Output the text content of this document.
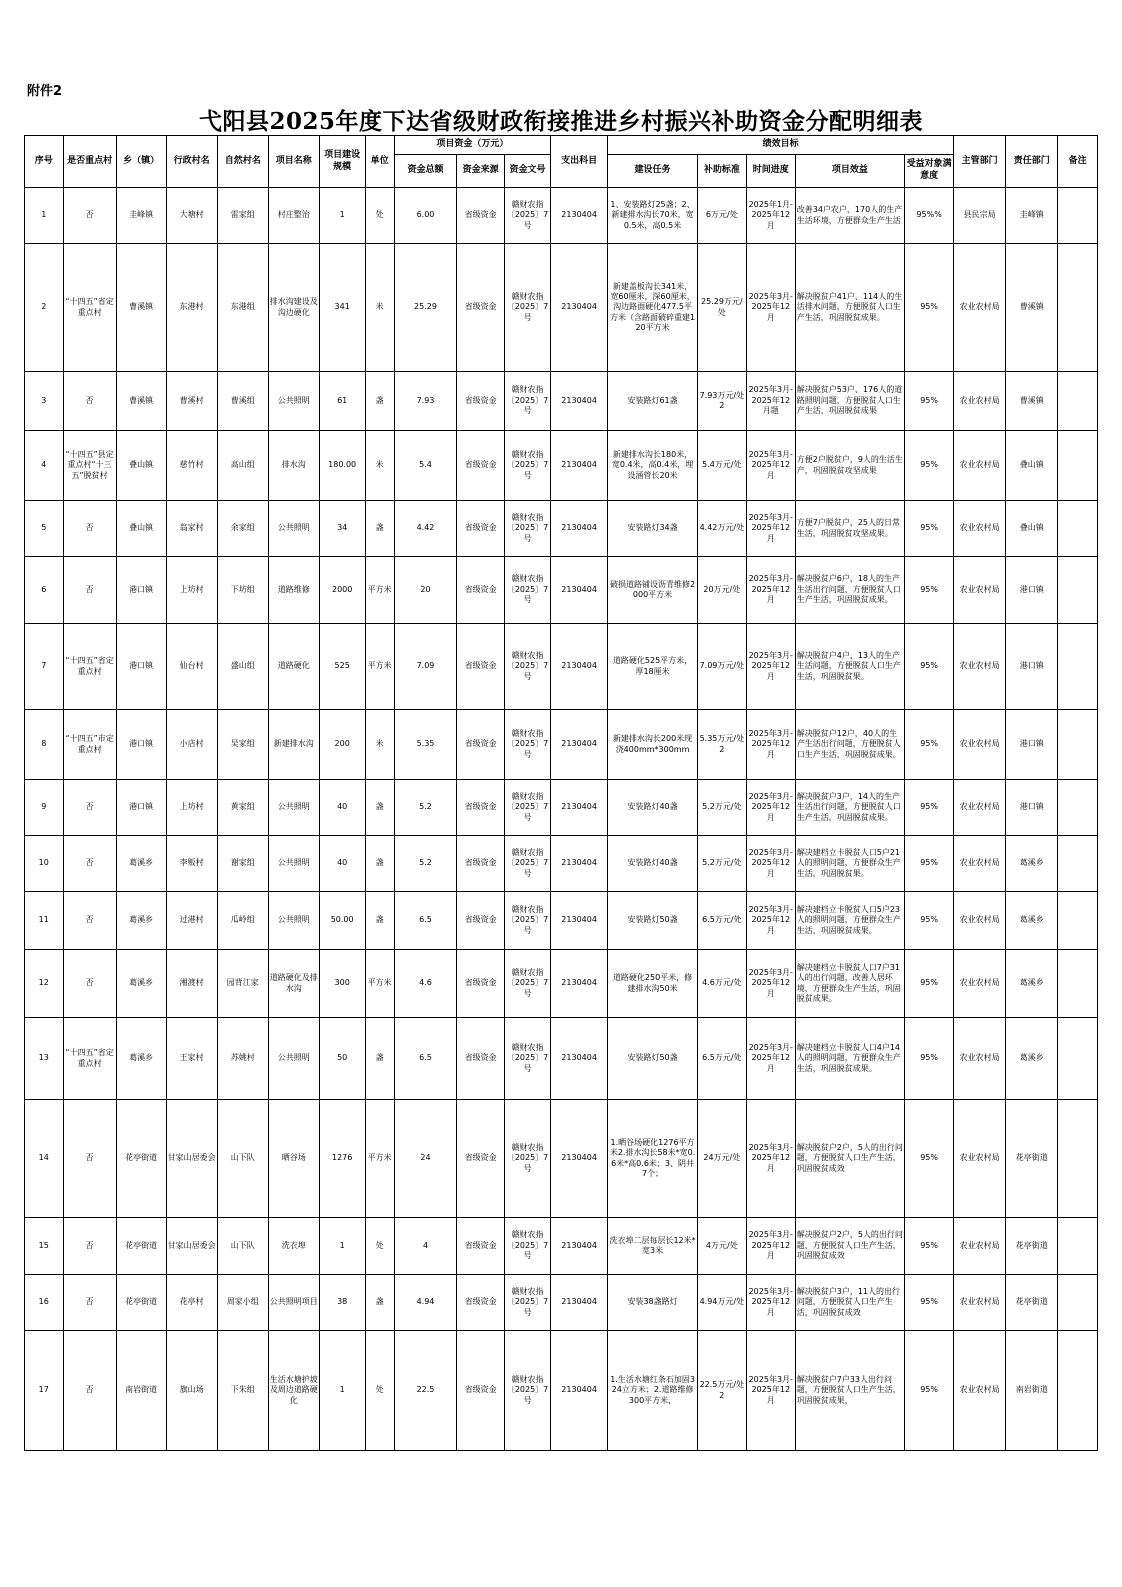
附件2
弋阳县2025年度下达省级财政衔接推进乡村振兴补助资金分配明细表
序号	是否重点村	乡（镇）	行政村名	自然村名	项目名称	项目建设规模	单位	项目资金（万元）			支出科目	绩效目标					主管部门	责任部门	备注
								资金总额	资金来源	资金文号		建设任务	补助标准	时间进度	项目效益	受益对象满意度			
1	否	圭峰镇	大塘村	雷家组	村庄整治	1	处	6.00	省级资金	赣财农指〔2025〕7号	2130404	1、安装路灯25盏；2、新建排水沟长70米，宽0.5米，高0.5米	6万元/处	2025年1月-2025年12月	改善34户农户，170人的生产生活环境，方便群众生产生活	95%%	县民宗局	圭峰镇	
2	“十四五”省定重点村	曹溪镇	东港村	东港组	排水沟建设及沟边硬化	341	米	25.29	省级资金	赣财农指〔2025〕7号	2130404	新建盖板沟长341米，宽60厘米，深60厘米，沟边路面硬化477.5平方米（含路面破碎重建120平方米	25.29万元/处	2025年3月-2025年12月	解决脱贫户41户、114人的生活排水问题，方便脱贫人口生产生活，巩固脱贫成果。	95%	农业农村局	曹溪镇	
3	否	曹溪镇	曹溪村	曹溪组	公共照明	61	盏	7.93	省级资金	赣财农指〔2025〕7号	2130404	安装路灯61盏	7.93万元/处2	2025年3月-2025年12月题	解决脱贫户53户、176人的道路照明问题，方便脱贫人口生产生活，巩固脱贫成果	95%	农业农村局	曹溪镇	
4	“十四五”县定重点村“十三五”脱贫村	叠山镇	慈竹村	高山组	排水沟	180.00	米	5.4	省级资金	赣财农指〔2025〕7号	2130404	新建排水沟长180米，宽0.4米，高0.4米，埋设涵管长20米	5.4万元/处	2025年3月-2025年12月	方便2户脱贫户，9人的生活生产，巩固脱贫攻坚成果	95%	农业农村局	叠山镇	
5	否	叠山镇	翁家村	余家组	公共照明	34	盏	4.42	省级资金	赣财农指〔2025〕7号	2130404	安装路灯34盏	4.42万元/处	2025年3月-2025年12月	方便7户脱贫户，25人的日常生活，巩固脱贫攻坚成果。	95%	农业农村局	叠山镇	
6	否	港口镇	上坊村	下坊组	道路维修	2000	平方米	20	省级资金	赣财农指〔2025〕7号	2130404	破损道路铺设沥青维修2000平方米	20万元/处	2025年3月-2025年12月	解决脱贫户6户，18人的生产生活出行问题，方便脱贫人口生产生活，巩固脱贫成果。	95%	农业农村局	港口镇	
7	“十四五”省定重点村	港口镇	仙台村	盛山组	道路硬化	525	平方米	7.09	省级资金	赣财农指〔2025〕7号	2130404	道路硬化525平方米，厚18厘米	7.09万元/处	2025年3月-2025年12月	解决脱贫户4户，13人的生产生活问题，方便脱贫人口生产生活，巩固脱贫果。	95%	农业农村局	港口镇	
8	“十四五”市定重点村	港口镇	小店村	吴家组	新建排水沟	200	米	5.35	省级资金	赣财农指〔2025〕7号	2130404	新建排水沟长200米现浇400mm*300mm	5.35万元/处2	2025年3月-2025年12月	解决脱贫户12户，40人的生产生活出行问题，方便脱贫人口生产生活，巩固脱贫成果。	95%	农业农村局	港口镇	
9	否	港口镇	上坊村	黄家组	公共照明	40	盏	5.2	省级资金	赣财农指〔2025〕7号	2130404	安装路灯40盏	5.2万元/处	2025年3月-2025年12月	解决脱贫户3户，14人的生产生活出行问题，方便脱贫人口生产生活，巩固脱贫成果。	95%	农业农村局	港口镇	
10	否	葛溪乡	李贩村	谢家组	公共照明	40	盏	5.2	省级资金	赣财农指〔2025〕7号	2130404	安装路灯40盏	5.2万元/处	2025年3月-2025年12月	解决建档立卡脱贫人口5户21人的照明问题，方便群众生产生活，巩固脱贫果。	95%	农业农村局	葛溪乡	
11	否	葛溪乡	过港村	瓜岭组	公共照明	50.00	盏	6.5	省级资金	赣财农指〔2025〕7号	2130404	安装路灯50盏	6.5万元/处	2025年3月-2025年12月	解决建档立卡脱贫人口5户23人的照明问题，方便群众生产生活，巩固脱贫成果。	95%	农业农村局	葛溪乡	
12	否	葛溪乡	湘渡村	园背江家	道路硬化及排水沟	300	平方米	4.6	省级资金	赣财农指〔2025〕7号	2130404	道路硬化250平米，修建排水沟50米	4.6万元/处	2025年3月-2025年12月	解决建档立卡脱贫人口7户31人的出行问题，改善人居环境，方便群众生产生活，巩固脱贫成果。	95%	农业农村局	葛溪乡	
13	“十四五”省定重点村	葛溪乡	王家村	苏姚村	公共照明	50	盏	6.5	省级资金	赣财农指〔2025〕7号	2130404	安装路灯50盏	6.5万元/处	2025年3月-2025年12月	解决建档立卡脱贫人口4户14人的照明问题，方便群众生产生活，巩固脱贫成果。	95%	农业农村局	葛溪乡	
14	否	花亭街道	甘家山居委会	山下队	晒谷场	1276	平方米	24	省级资金	赣财农指〔2025〕7号	2130404	1.晒谷场硬化1276平方米2.排水沟长58米*宽0.6米*高0.6米；3、阴井7个；	24万元/处	2025年3月-2025年12月	解决脱贫户2户，5人的出行问题，方便脱贫人口生产生活，巩固脱贫成效	95%	农业农村局	花亭街道	
15	否	花亭街道	甘家山居委会	山下队	洗衣埠	1	处	4	省级资金	赣财农指〔2025〕7号	2130404	洗衣埠二层每层长12米*宽3米	4万元/处	2025年3月-2025年12月	解决脱贫户2户，5人的出行问题，方便脱贫人口生产生活，巩固脱贫成效	95%	农业农村局	花亭街道	
16	否	花亭街道	花亭村	周家小组	公共照明项目	38	盏	4.94	省级资金	赣财农指〔2025〕7号	2130404	安装38盏路灯	4.94万元/处	2025年3月-2025年12月	解决脱贫户3户，11人的出行问题，方便脱贫人口生产生活，巩固脱贫成效	95%	农业农村局	花亭街道	
17	否	南岩街道	旗山场	下朱组	生活水塘护坡及周边道路硬化	1	处	22.5	省级资金	赣财农指〔2025〕7号	2130404	1.生活水塘红条石加固324立方米；2.道路维修300平方米，	22.5万元/处2	2025年3月-2025年12月	解决脱贫户7户33人出行问题，方便脱贫人口生产生活，巩固脱贫成果，	95%	农业农村局	南岩街道	
